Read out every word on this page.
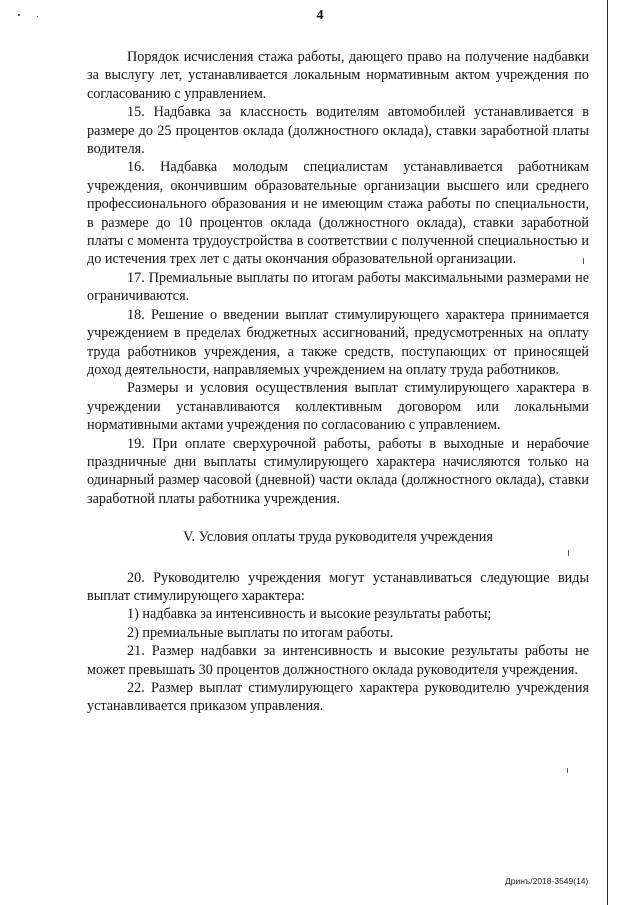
4

Порядок исчисления стажа работы, дающего право на получение надбавки за выслугу лет, устанавливается локальным нормативным актом учреждения по согласованию с управлением.

15. Надбавка за классность водителям автомобилей устанавливается в размере до 25 процентов оклада (должностного оклада), ставки заработной платы водителя.

16. Надбавка молодым специалистам устанавливается работникам учреждения, окончившим образовательные организации высшего или среднего профессионального образования и не имеющим стажа работы по специальности, в размере до 10 процентов оклада (должностного оклада), ставки заработной платы с момента трудоустройства в соответствии с полученной специальностью и до истечения трех лет с даты окончания образовательной организации.

17. Премиальные выплаты по итогам работы максимальными размерами не ограничиваются.

18. Решение о введении выплат стимулирующего характера принимается учреждением в пределах бюджетных ассигнований, предусмотренных на оплату труда работников учреждения, а также средств, поступающих от приносящей доход деятельности, направляемых учреждением на оплату труда работников.

Размеры и условия осуществления выплат стимулирующего характера в учреждении устанавливаются коллективным договором или локальными нормативными актами учреждения по согласованию с управлением.

19. При оплате сверхурочной работы, работы в выходные и нерабочие праздничные дни выплаты стимулирующего характера начисляются только на одинарный размер часовой (дневной) части оклада (должностного оклада), ставки заработной платы работника учреждения.

V. Условия оплаты труда руководителя учреждения

20. Руководителю учреждения могут устанавливаться следующие виды выплат стимулирующего характера:

1) надбавка за интенсивность и высокие результаты работы;

2) премиальные выплаты по итогам работы.

21. Размер надбавки за интенсивность и высокие результаты работы не может превышать 30 процентов должностного оклада руководителя учреждения.

22. Размер выплат стимулирующего характера руководителю учреждения устанавливается приказом управления.

Дринъ/2018-3549(14)
